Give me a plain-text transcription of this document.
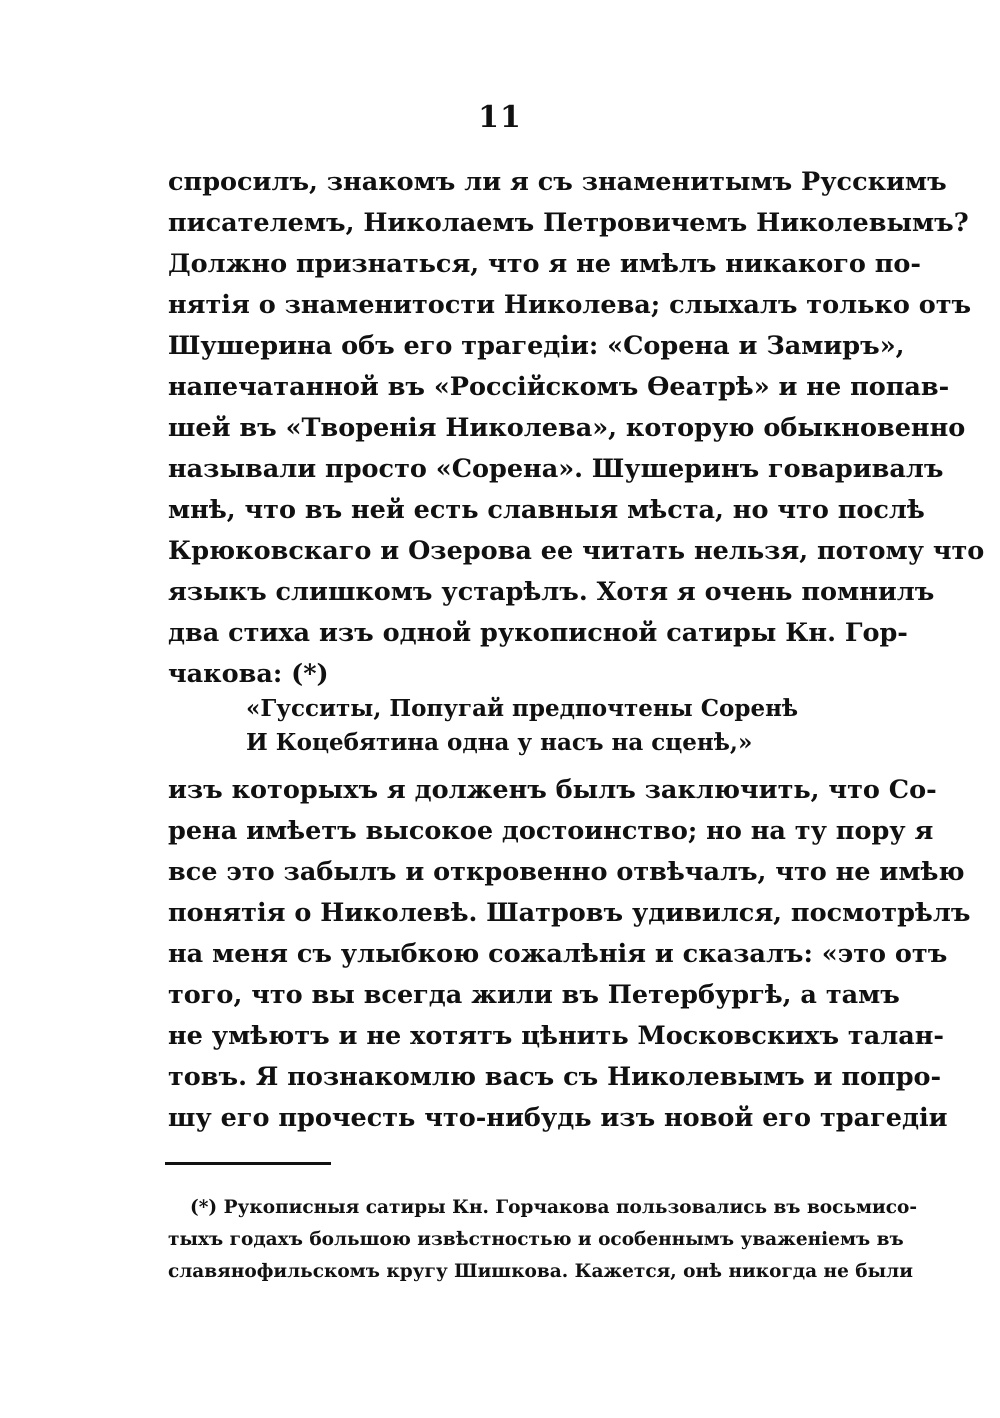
11
спросилъ, знакомъ ли я съ знаменитымъ Русскимъ
писателемъ, Николаемъ Петровичемъ Николевымъ?
Должно признаться, что я не имѣлъ никакого по-
нятія о знаменитости Николева; слыхалъ только отъ
Шушерина объ его трагедіи: «Сорена и Замиръ»,
напечатанной въ «Россійскомъ Ѳеатрѣ» и не попав-
шей въ «Творенія Николева», которую обыкновенно
называли просто «Сорена». Шушеринъ говаривалъ
мнѣ, что въ ней есть славныя мѣста, но что послѣ
Крюковскаго и Озерова ее читать нельзя, потому что
языкъ слишкомъ устарѣлъ. Хотя я очень помнилъ
два стиха изъ одной рукописной сатиры Кн. Гор-
чакова: (*)
«Гусситы, Попугай предпочтены Соренѣ
И Коцебятина одна у насъ на сценѣ,»
изъ которыхъ я долженъ былъ заключить, что Со-
рена имѣетъ высокое достоинство; но на ту пору я
все это забылъ и откровенно отвѣчалъ, что не имѣю
понятія о Николевѣ. Шатровъ удивился, посмотрѣлъ
на меня съ улыбкою сожалѣнія и сказалъ: «это отъ
того, что вы всегда жили въ Петербургѣ, а тамъ
не умѣютъ и не хотятъ цѣнить Московскихъ талан-
товъ. Я познакомлю васъ съ Николевымъ и попро-
шу его прочесть что-нибудь изъ новой его трагедіи
(*) Рукописныя сатиры Кн. Горчакова пользовались въ восьмисо-
тыхъ годахъ большою извѣстностью и особеннымъ уваженіемъ въ
славянофильскомъ кругу Шишкова. Кажется, онѣ никогда не были
